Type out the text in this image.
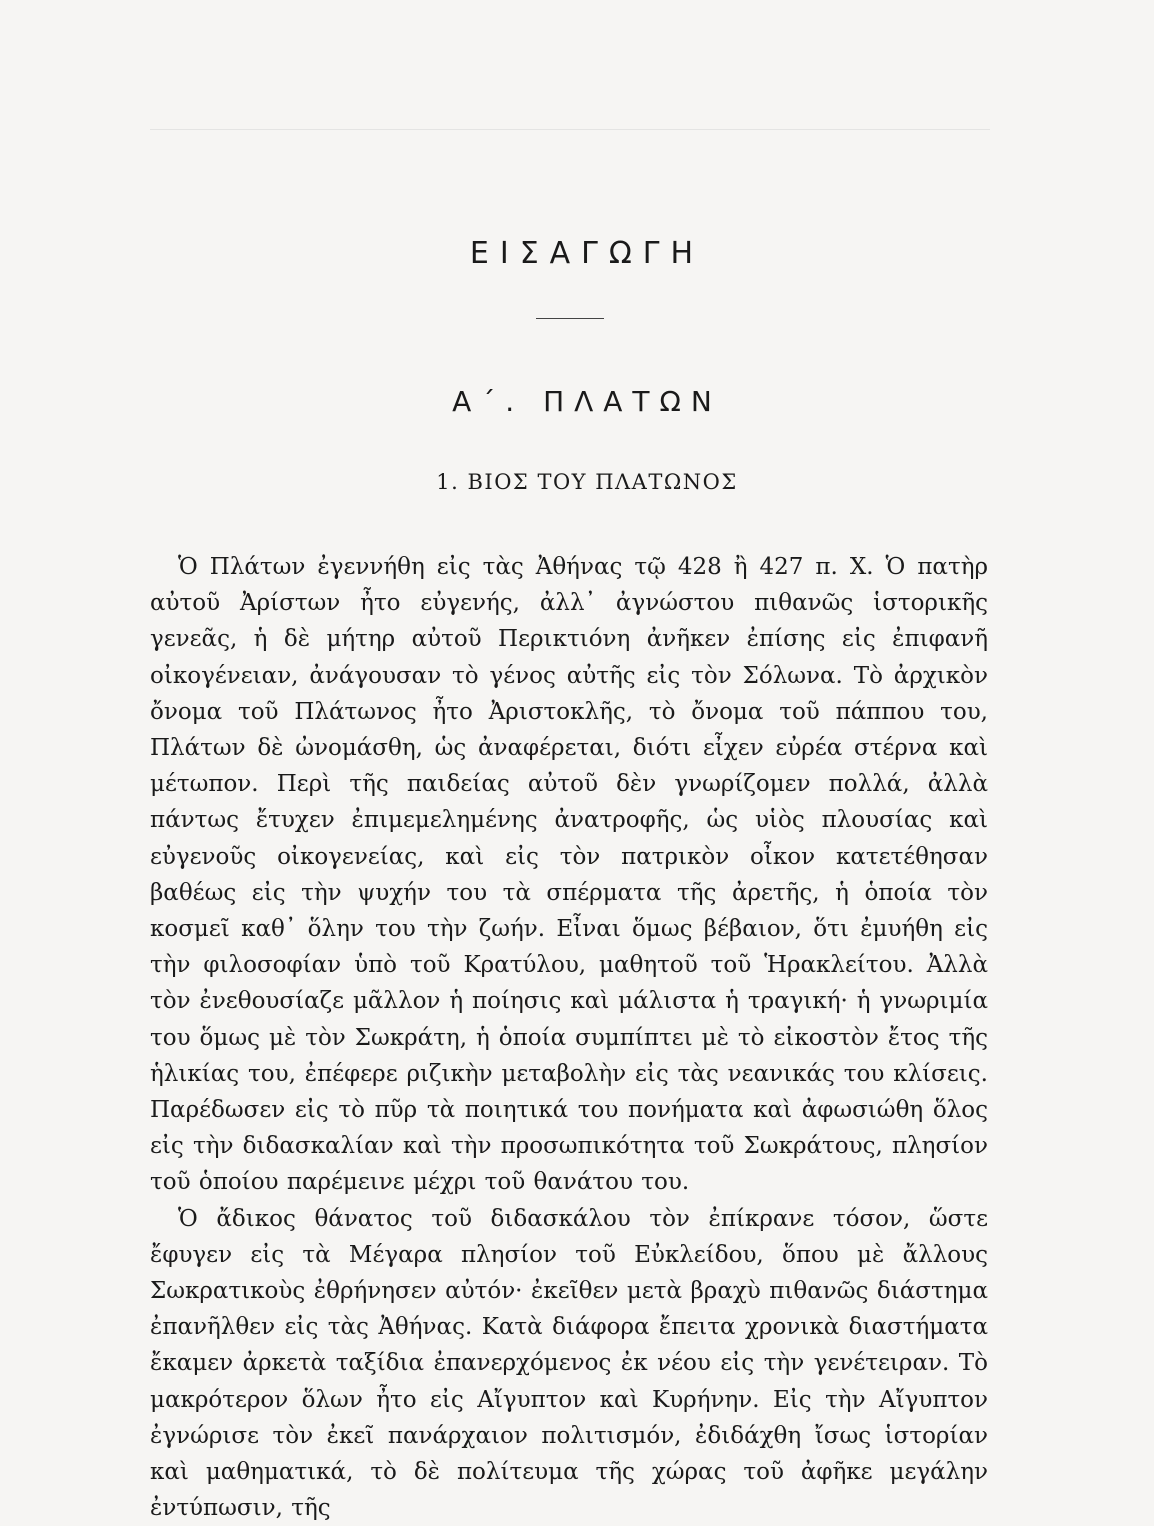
ΕΙΣΑΓΩΓΗ
Α΄. ΠΛΑΤΩΝ
1. ΒΙΟΣ ΤΟΥ ΠΛΑΤΩΝΟΣ

Ὁ Πλάτων ἐγεννήθη εἰς τὰς Ἀθήνας τῷ 428 ἢ 427 π. Χ. Ὁ πατὴρ αὐτοῦ Ἀρίστων ἦτο εὐγενής, ἀλλ᾽ ἀγνώστου πιθανῶς ἱστορικῆς γενεᾶς, ἡ δὲ μήτηρ αὐτοῦ Περικτιόνη ἀνῆκεν ἐπίσης εἰς ἐπιφανῆ οἰκογένειαν, ἀνάγουσαν τὸ γένος αὐτῆς εἰς τὸν Σόλωνα. Τὸ ἀρχικὸν ὄνομα τοῦ Πλάτωνος ἦτο Ἀριστοκλῆς, τὸ ὄνομα τοῦ πάππου του, Πλάτων δὲ ὠνομάσθη, ὡς ἀναφέρεται, διότι εἶχεν εὐρέα στέρνα καὶ μέτωπον. Περὶ τῆς παιδείας αὐτοῦ δὲν γνωρίζομεν πολλά, ἀλλὰ πάντως ἔτυχεν ἐπιμεμελημένης ἀνατροφῆς, ὡς υἱὸς πλουσίας καὶ εὐγενοῦς οἰκογενείας, καὶ εἰς τὸν πατρικὸν οἶκον κατετέθησαν βαθέως εἰς τὴν ψυχήν του τὰ σπέρματα τῆς ἀρετῆς, ἡ ὁποία τὸν κοσμεῖ καθ᾽ ὅλην του τὴν ζωήν. Εἶναι ὅμως βέβαιον, ὅτι ἐμυήθη εἰς τὴν φιλοσοφίαν ὑπὸ τοῦ Κρατύλου, μαθητοῦ τοῦ Ἡρακλείτου. Ἀλλὰ τὸν ἐνεθουσίαζε μᾶλλον ἡ ποίησις καὶ μάλιστα ἡ τραγική· ἡ γνωριμία του ὅμως μὲ τὸν Σωκράτη, ἡ ὁποία συμπίπτει μὲ τὸ εἰκοστὸν ἔτος τῆς ἡλικίας του, ἐπέφερε ριζικὴν μεταβολὴν εἰς τὰς νεανικάς του κλίσεις. Παρέδωσεν εἰς τὸ πῦρ τὰ ποιητικά του πονήματα καὶ ἀφωσιώθη ὅλος εἰς τὴν διδασκαλίαν καὶ τὴν προσωπικότητα τοῦ Σωκράτους, πλησίον τοῦ ὁποίου παρέμεινε μέχρι τοῦ θανάτου του.

Ὁ ἄδικος θάνατος τοῦ διδασκάλου τὸν ἐπίκρανε τόσον, ὥστε ἔφυγεν εἰς τὰ Μέγαρα πλησίον τοῦ Εὐκλείδου, ὅπου μὲ ἄλλους Σωκρατικοὺς ἐθρήνησεν αὐτόν· ἐκεῖθεν μετὰ βραχὺ πιθανῶς διάστημα ἐπανῆλθεν εἰς τὰς Ἀθήνας. Κατὰ διάφορα ἔπειτα χρονικὰ διαστήματα ἔκαμεν ἀρκετὰ ταξίδια ἐπανερχόμενος ἐκ νέου εἰς τὴν γενέτειραν. Τὸ μακρότερον ὅλων ἦτο εἰς Αἴγυπτον καὶ Κυρήνην. Εἰς τὴν Αἴγυπτον ἐγνώρισε τὸν ἐκεῖ πανάρχαιον πολιτισμόν, ἐδιδάχθη ἴσως ἱστορίαν καὶ μαθηματικά, τὸ δὲ πολίτευμα τῆς χώρας τοῦ ἀφῆκε μεγάλην ἐντύπωσιν, τῆς
